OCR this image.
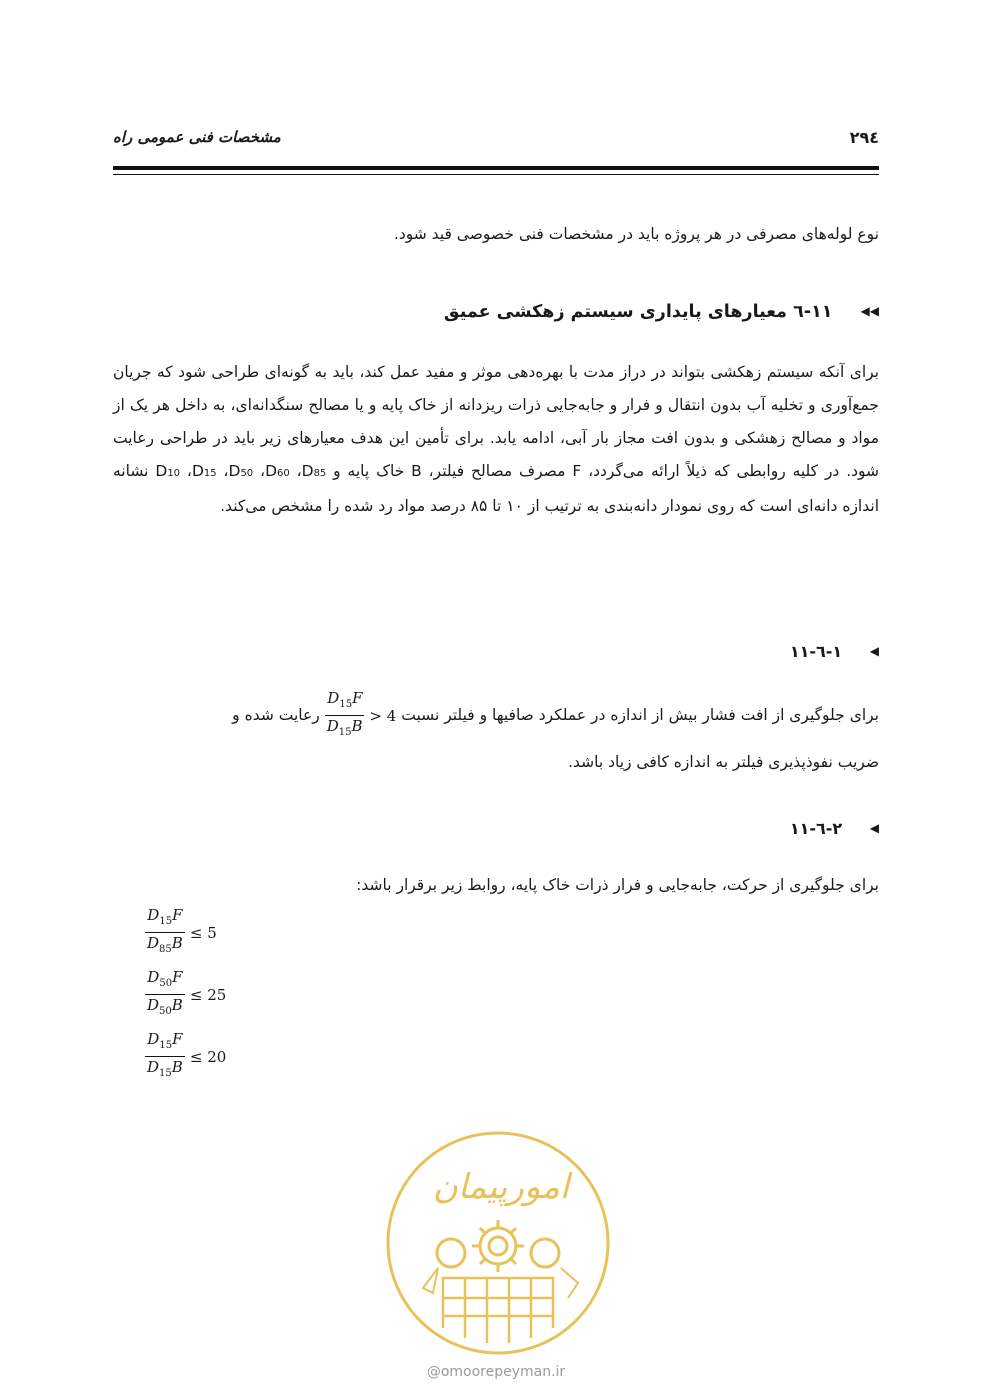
مشخصات فنی عمومی راه	۲۹٤
نوع لوله‌های مصرفی در هر پروژه باید در مشخصات فنی خصوصی قید شود.
◀◀ ۱۱-٦ معیارهای پایداری سیستم زهکشی عمیق
برای آنکه سیستم زهکشی بتواند در دراز مدت با بهره‌دهی موثر و مفید عمل کند، باید به گونه‌ای طراحی شود که جریان جمع‌آوری و تخلیه آب بدون انتقال و فرار و جابه‌جایی ذرات ریزدانه از خاک پایه و یا مصالح سنگدانه‌ای، به داخل هر یک از مواد و مصالح زهشکی و بدون افت مجاز بار آبی، ادامه یابد. برای تأمین این هدف معیارهای زیر باید در طراحی رعایت شود. در کلیه روابطی که ذیلاً ارائه می‌گردد، F مصرف مصالح فیلتر، B خاک پایه و D85، D60، D50، D15، D10 نشانه اندازه دانه‌ای است که روی نمودار دانه‌بندی به ترتیب از ۱۰ تا ۸۵ درصد مواد رد شده را مشخص می‌کند.
◀ ۱-٦-۱۱
برای جلوگیری از افت فشار بیش از اندازه در عملکرد صافیها و فیلتر نسبت
$\frac{D_{15}F}{D_{15}B} > 4$ رعایت شده و
ضریب نفوذپذیری فیلتر به اندازه کافی زیاد باشد.
◀ ۲-٦-۱۱
برای جلوگیری از حرکت، جابه‌جایی و فرار ذرات خاک پایه، روابط زیر برقرار باشد:
$\frac{D_{15}F}{D_{85}B} \le 5$
$\frac{D_{50}F}{D_{50}B} \le 25$
$\frac{D_{15}F}{D_{15}B} \le 20$
امورپیمان
@omoorepeyman.ir
